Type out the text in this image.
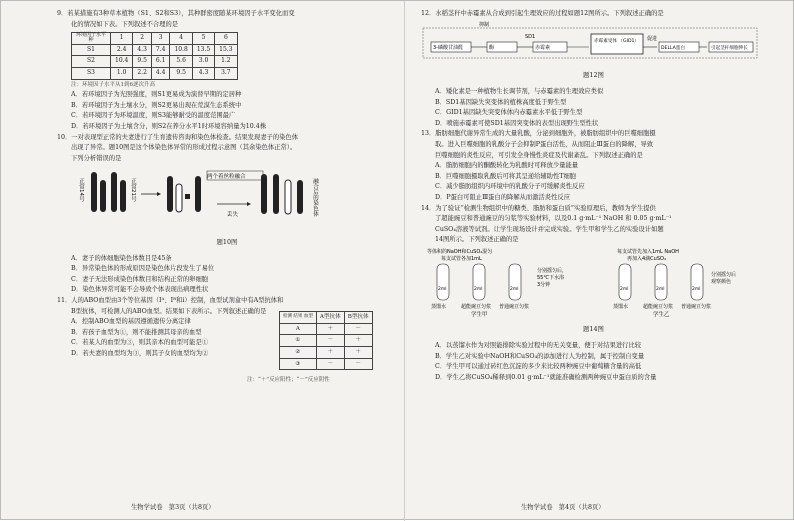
9．若某措施有3种草本植物（S1、S2和S3），其种群密度随某环境因子水平变化而变

化的情况如下表。下列叙述不合理的是

环境因子水平
种	1	2	3	4	5	6
S1	2.4	4.3	7.4	10.8	13.5	15.3
S2	10.4	9.5	6.1	5.6	3.0	1.2
S3	1.0	2.2	4.4	9.5	4.3	3.7

注：环境因子水平从1到6逐次升高

A．若环境因子为光照强度，则S1更易成为演替早期的定居种

B．若环境因子为土壤水分，则S2更易出现在荒漠生态系统中

C．若环境因子为环境温度，则S3能够耐受的温度范围最广

D．若环境因子为土壤含分，则S2在养分水平1时环境容纳量为10.4株

10．一对表现型正常的夫妻进行了生育遗传咨询和染色体检查。结果发现妻子的染色体

出现了异常。题10图是这个体染色体异常的形成过程示意图（其余染色体正常）。

下列分析错误的是

正常14号	正常21号
两个着丝粒融合
丢失	融合后的染色体

题10图

A．妻子的体细胞染色体数目是45条

B．异常染色体的形成原因是染色体片段发生了易位

C．妻子无法形成染色体数目和结构正常的卵细胞

D．染色体异常可能不会导致个体表现出病理性状

11．人的ABO血型由3个等位基因（Iᴬ、Iᴮ和i）控制，血型试剂盒中有A型抗体和

B型抗体，可检测人的ABO血型。结果如下表所示。下列叙述正确的是

A．控制ABO血型的基因遵循遗传分离定律

B．若孩子血型为①，则不能推测其母亲的血型

C．若某人的血型为③，则其亲本的血型可能是①

D．若夫妻的血型均为③，则其子女的血型均为②

检测 结果 血型	A型抗体	B型抗体
A	＋	－
①	－	＋
②	＋	＋
③	－	－

注：“＋”反应阳性；“－”反应阴性

生物学试卷　第3页（共8页）

12．水稻茎秆中赤霉素从合成到引起生理效应的过程如题12图所示。下列叙述正确的是

3-磷酸甘油醛	酶
抑制
SD1
赤霉素
赤霉素受体 （GID1）
DELLA蛋白
促进
引起茎秆细胞伸长

题12图

A．矮化素是一种植物生长调节剂，与赤霉素的生理效应类似

B．SD1基因缺失突变体的植株高度低于野生型

C．GID1基因缺失突变体体内赤霉素水平低于野生型

D．喷施赤霉素可使SD1基因突变体的表型出现野生型性状

13．脂肪细胞代谢异常生成的大量乳酸，分泌到细胞外，被脂肪组织中的巨噬细胞摄

取。进入巨噬细胞的乳酸分子会抑制P蛋白活性，从而阻止Ⅲ蛋白的降解，导致

巨噬细胞的炎性反应，可引发全身慢性炎症及代谢紊乱。下列叙述正确的是

A．脂肪细胞内的酮酸转化为乳酸时可释放少量能量

B．巨噬细胞摄取乳酸后可将其呈递给辅助性T细胞

C．减少脂肪组织内环境中的乳酸分子可缓解炎性反应

D．P蛋白可阻止Ⅲ蛋白的降解从而激活炎性反应

14．为了验证“检测生物组织中的糖类、脂肪和蛋白质”实验原理后，教师为学生提供

了超能豌豆和普通豌豆的匀浆等实验材料，以及0.1 g·mL⁻¹ NaOH 和 0.05 g·mL⁻¹

CuSO₄溶液等试剂。让学生现场设计并完成实验。学生甲和学生乙的实验设计如题

14图所示。下列叙述正确的是

等体积的NaOH和CuSO₄混匀
每支试管各加1mL
分别摇匀后，
55℃下水浴
3分钟
2ml	2ml	2ml
蒸馏水	超能豌豆匀浆 普通豌豆匀浆
学生甲
每支试管先加入1mL NaOH
再加入4滴CuSO₄
分别摇匀后
观察颜色
2ml	2ml	2ml
蒸馏水	超能豌豆匀浆 普通豌豆匀浆
学生乙

题14图

A．以蒸馏水作为对照能排除实验过程中的无关变量，便于对结果进行比较

B．学生乙对实验中NaOH和CuSO₄的添加进行人为控制，属于控制自变量

C．学生甲可以通过砖红色沉淀的多少来比较两种豌豆中葡萄糖含量的高低

D．学生乙将CuSO₄稀释到0.01 g·mL⁻¹就能准确检测两种豌豆中蛋白质的含量

生物学试卷　第4页（共8页）
